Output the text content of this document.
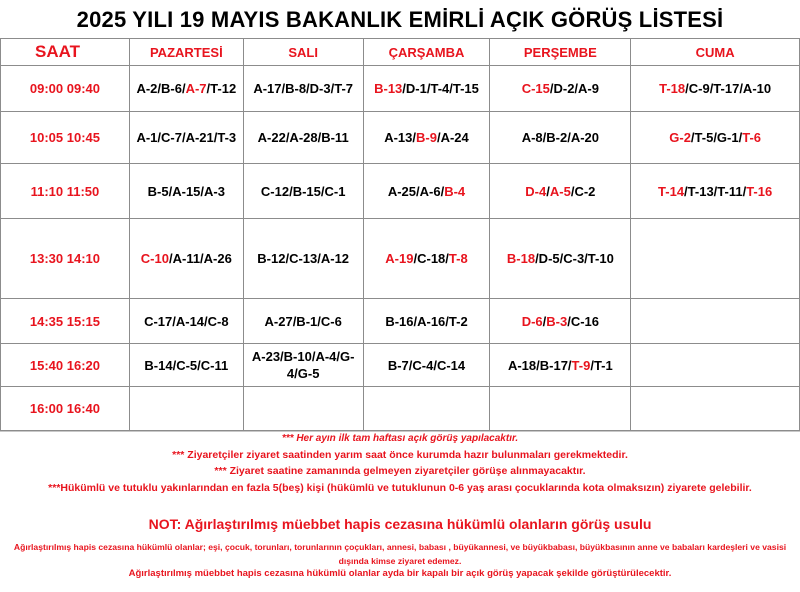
2025 YILI 19 MAYIS BAKANLIK EMİRLİ AÇIK GÖRÜŞ LİSTESİ
SAAT	PAZARTESİ	SALI	ÇARŞAMBA	PERŞEMBE	CUMA
09:00 09:40	A-2/B-6/A-7/T-12	A-17/B-8/D-3/T-7	B-13/D-1/T-4/T-15	C-15/D-2/A-9	T-18/C-9/T-17/A-10
10:05 10:45	A-1/C-7/A-21/T-3	A-22/A-28/B-11	A-13/B-9/A-24	A-8/B-2/A-20	G-2/T-5/G-1/T-6
11:10 11:50	B-5/A-15/A-3	C-12/B-15/C-1	A-25/A-6/B-4	D-4/A-5/C-2	T-14/T-13/T-11/T-16
13:30 14:10	C-10/A-11/A-26	B-12/C-13/A-12	A-19/C-18/T-8	B-18/D-5/C-3/T-10	
14:35 15:15	C-17/A-14/C-8	A-27/B-1/C-6	B-16/A-16/T-2	D-6/B-3/C-16	
15:40 16:20	B-14/C-5/C-11	A-23/B-10/A-4/G-4/G-5	B-7/C-4/C-14	A-18/B-17/T-9/T-1	
16:00 16:40					
*** Her ayın ilk tam haftası açık görüş yapılacaktır.
*** Ziyaretçiler ziyaret saatinden yarım saat önce kurumda hazır bulunmaları gerekmektedir.
*** Ziyaret saatine zamanında gelmeyen ziyaretçiler görüşe alınmayacaktır.
***Hükümlü ve tutuklu yakınlarından en fazla 5(beş) kişi (hükümlü ve tutuklunun 0-6 yaş arası çocuklarında kota olmaksızın) ziyarete gelebilir.
NOT: Ağırlaştırılmış müebbet hapis cezasına hükümlü olanların görüş usulu
Ağırlaştırılmış hapis cezasına hükümlü olanlar; eşi, çocuk, torunları, torunlarının çoçukları, annesi, babası , büyükannesi, ve büyükbabası, büyükbasının anne ve babaları kardeşleri ve vasisi dışında kimse ziyaret edemez.
Ağırlaştırılmış müebbet hapis cezasına hükümlü olanlar ayda bir kapalı bir açık görüş yapacak şekilde görüştürülecektir.
